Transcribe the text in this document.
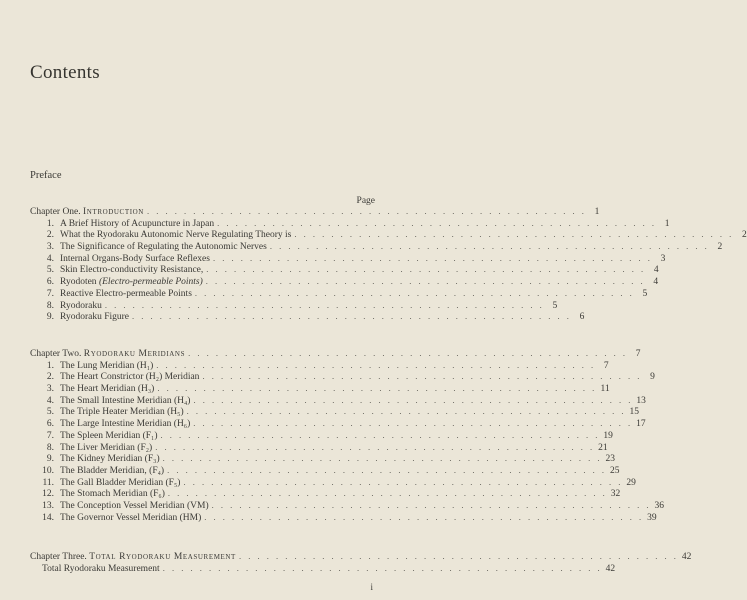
Contents
Preface
Page
Chapter One. Introduction . . . . . . . . . . . . . . . . . . . . . . . . . . . . . . . . . . . . . . . . . . . . . . . . 1
1. A Brief History of Acupuncture in Japan . . . . . . . . . . . . . . . . . . . . . . . . . . . . . . . . . . . . . . . . . . . . . . . . 1
2. What the Ryodoraku Autonomic Nerve Regulating Theory is . . . . . . . . . . . . . . . . . . . . . . . . . . . . . . . . . . . . . . . . . . . . . . . . 2
3. The Significance of Regulating the Autonomic Nerves . . . . . . . . . . . . . . . . . . . . . . . . . . . . . . . . . . . . . . . . . . . . . . . . 2
4. Internal Organs-Body Surface Reflexes . . . . . . . . . . . . . . . . . . . . . . . . . . . . . . . . . . . . . . . . . . . . . . . . 3
5. Skin Electro-conductivity Resistance, . . . . . . . . . . . . . . . . . . . . . . . . . . . . . . . . . . . . . . . . . . . . . . . . 4
6. Ryodoten (Electro-permeable Points) . . . . . . . . . . . . . . . . . . . . . . . . . . . . . . . . . . . . . . . . . . . . . . . . 4
7. Reactive Electro-permeable Points . . . . . . . . . . . . . . . . . . . . . . . . . . . . . . . . . . . . . . . . . . . . . . . . 5
8. Ryodoraku . . . . . . . . . . . . . . . . . . . . . . . . . . . . . . . . . . . . . . . . . . . . . . . . 5
9. Ryodoraku Figure . . . . . . . . . . . . . . . . . . . . . . . . . . . . . . . . . . . . . . . . . . . . . . . . 6
Chapter Two. Ryodoraku Meridians . . . . . . . . . . . . . . . . . . . . . . . . . . . . . . . . . . . . . . . . . . . . . . . . 7
1. The Lung Meridian (H₁) . . . . . . . . . . . . . . . . . . . . . . . . . . . . . . . . . . . . . . . . . . . . . . . . 7
2. The Heart Constrictor (H₂) Meridian . . . . . . . . . . . . . . . . . . . . . . . . . . . . . . . . . . . . . . . . . . . . . . . . 9
3. The Heart Meridian (H₃) . . . . . . . . . . . . . . . . . . . . . . . . . . . . . . . . . . . . . . . . . . . . . . . . 11
4. The Small Intestine Meridian (H₄) . . . . . . . . . . . . . . . . . . . . . . . . . . . . . . . . . . . . . . . . . . . . . . . . 13
5. The Triple Heater Meridian (H₅) . . . . . . . . . . . . . . . . . . . . . . . . . . . . . . . . . . . . . . . . . . . . . . . . 15
6. The Large Intestine Meridian (H₆) . . . . . . . . . . . . . . . . . . . . . . . . . . . . . . . . . . . . . . . . . . . . . . . . 17
7. The Spleen Meridian (F₁) . . . . . . . . . . . . . . . . . . . . . . . . . . . . . . . . . . . . . . . . . . . . . . . . 19
8. The Liver Meridian (F₂) . . . . . . . . . . . . . . . . . . . . . . . . . . . . . . . . . . . . . . . . . . . . . . . . 21
9. The Kidney Meridian (F₃) . . . . . . . . . . . . . . . . . . . . . . . . . . . . . . . . . . . . . . . . . . . . . . . . 23
10. The Bladder Meridian, (F₄) . . . . . . . . . . . . . . . . . . . . . . . . . . . . . . . . . . . . . . . . . . . . . . . . 25
11. The Gall Bladder Meridian (F₅) . . . . . . . . . . . . . . . . . . . . . . . . . . . . . . . . . . . . . . . . . . . . . . . . 29
12. The Stomach Meridian (F₆) . . . . . . . . . . . . . . . . . . . . . . . . . . . . . . . . . . . . . . . . . . . . . . . . 32
13. The Conception Vessel Meridian (VM) . . . . . . . . . . . . . . . . . . . . . . . . . . . . . . . . . . . . . . . . . . . . . . . . 36
14. The Governor Vessel Meridian (HM) . . . . . . . . . . . . . . . . . . . . . . . . . . . . . . . . . . . . . . . . . . . . . . . . 39
Chapter Three. Total Ryodoraku Measurement . . . . . . . . . . . . . . . . . . . . . . . . . . . . . . . . . . . . . . . . . . . . . . . . 42
Total Ryodoraku Measurement . . . . . . . . . . . . . . . . . . . . . . . . . . . . . . . . . . . . . . . . . . . . . . . . 42
i
